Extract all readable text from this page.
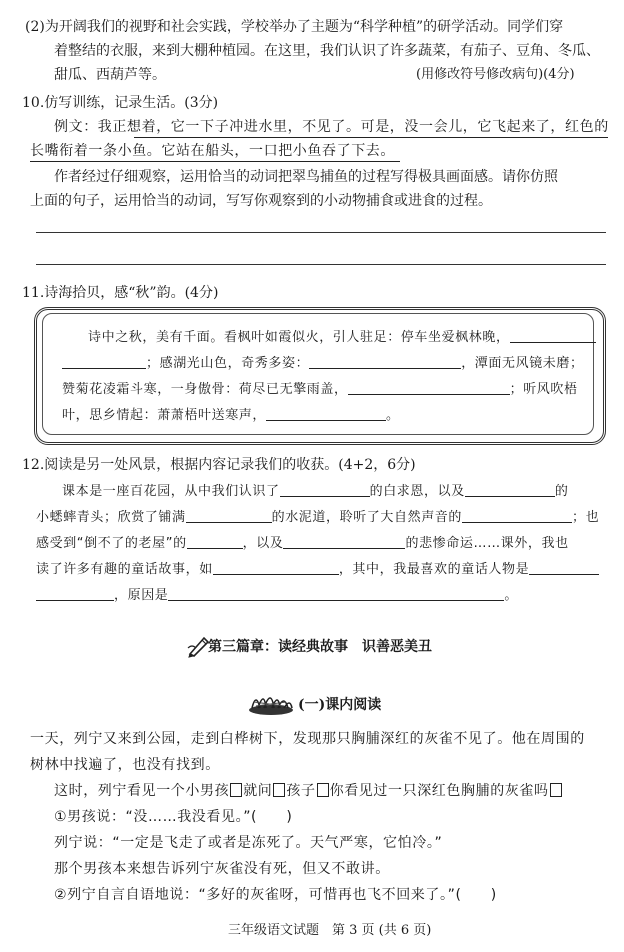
(2)为开阔我们的视野和社会实践，学校举办了主题为“科学种植”的研学活动。同学们穿
着整结的衣服，来到大棚种植园。在这里，我们认识了许多蔬菜，有茄子、豆角、冬瓜、
甜瓜、西葫芦等。	(用修改符号修改病句)(4分)
10.仿写训练，记录生活。(3分)
例文：我正想着，它一下子冲进水里，不见了。可是，没一会儿，它飞起来了，红色的
长嘴衔着一条小鱼。它站在船头，一口把小鱼吞了下去。
作者经过仔细观察，运用恰当的动词把翠鸟捕鱼的过程写得极具画面感。请你仿照
上面的句子，运用恰当的动词，写写你观察到的小动物捕食或进食的过程。
11.诗海拾贝，感“秋”韵。(4分)
诗中之秋，美有千面。看枫叶如霞似火，引人驻足：停车坐爱枫林晚，
；感湖光山色，奇秀多姿：	，潭面无风镜未磨；
赞菊花凌霜斗寒，一身傲骨：荷尽已无擎雨盖，	；听风吹梧
叶，思乡情起：萧萧梧叶送寒声，	。
12.阅读是另一处风景，根据内容记录我们的收获。(4+2，6分)
课本是一座百花园，从中我们认识了	的白求恩，以及	的
小蟋蟀青头；欣赏了铺满	的水泥道，聆听了大自然声音的	；也
感受到“倒不了的老屋”的	，以及	的悲惨命运……课外，我也
读了许多有趣的童话故事，如	，其中，我最喜欢的童话人物是
，原因是	。
第三篇章：读经典故事　识善恶美丑
(一)课内阅读
一天，列宁又来到公园，走到白桦树下，发现那只胸脯深红的灰雀不见了。他在周围的
树林中找遍了，也没有找到。
这时，列宁看见一个小男孩 就问 孩子 你看见过一只深红色胸脯的灰雀吗
①男孩说：“没……我没看见。”(　　)
列宁说：“一定是飞走了或者是冻死了。天气严寒，它怕冷。”
那个男孩本来想告诉列宁灰雀没有死，但又不敢讲。
②列宁自言自语地说：“多好的灰雀呀，可惜再也飞不回来了。”(　　)
三年级语文试题　第 3 页 (共 6 页)
